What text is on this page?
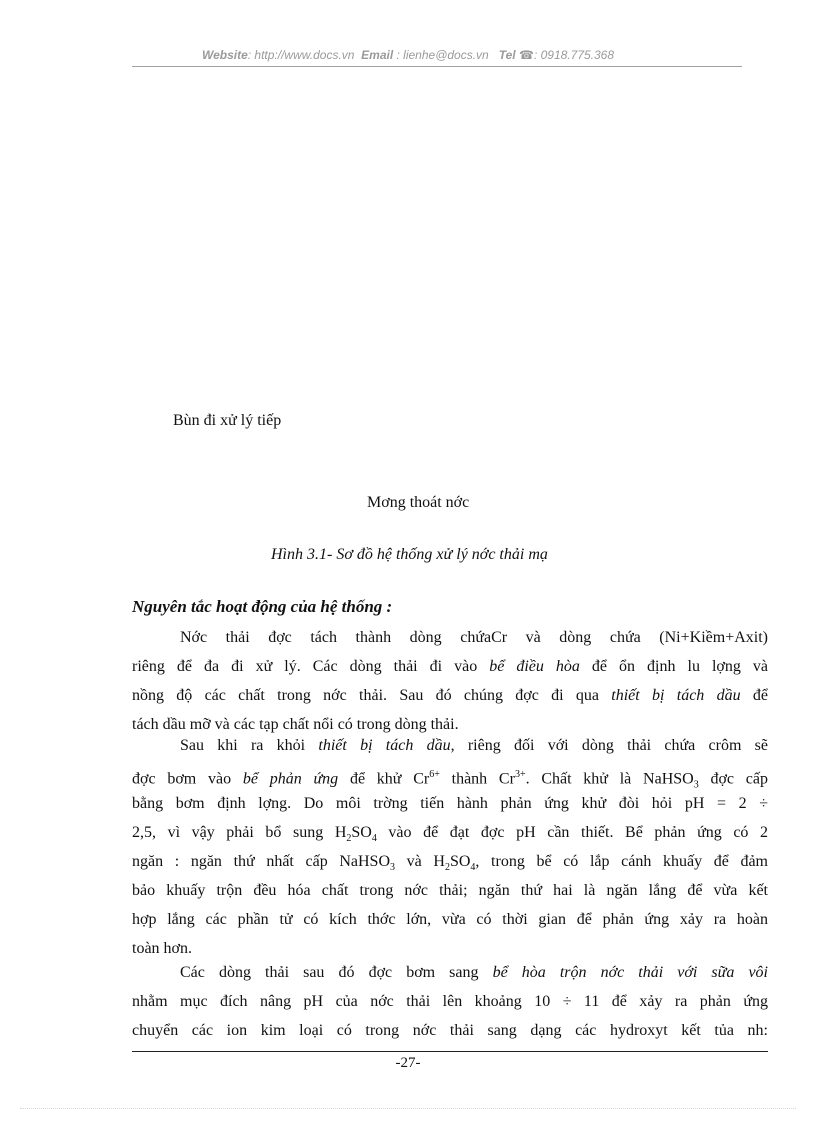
Website: http://www.docs.vn Email : lienhe@docs.vn Tel ☎: 0918.775.368
Bùn đi xử lý tiếp
Mơng thoát nớc
Hình 3.1- Sơ đồ hệ thống xử lý nớc thải mạ
Nguyên tắc hoạt động của hệ thống :
Nớc thải đợc tách thành dòng chứaCr và dòng chứa (Ni+Kiềm+Axit)
riêng để đa đi xử lý. Các dòng thải đi vào bể điều hòa để ổn định lu lợng và
nồng độ các chất trong nớc thải. Sau đó chúng đợc đi qua thiết bị tách dầu để
tách dầu mỡ và các tạp chất nổi có trong dòng thải.
Sau khi ra khỏi thiết bị tách dầu, riêng đối với dòng thải chứa crôm sẽ
đợc bơm vào bể phản ứng để khử $Cr^{6+}$ thành $Cr^{3+}$. Chất khử là NaHSO$_3$ đợc cấp
bằng bơm định lợng. Do môi trờng tiến hành phản ứng khử đòi hỏi pH = 2 ÷
2,5, vì vậy phải bổ sung $H_2SO_4$ vào để đạt đợc pH cần thiết. Bể phản ứng có 2
ngăn : ngăn thứ nhất cấp NaHSO$_3$ và $H_2SO_4$, trong bể có lắp cánh khuấy để đảm
bảo khuấy trộn đều hóa chất trong nớc thải; ngăn thứ hai là ngăn lắng để vừa kết
hợp lắng các phần tử có kích thớc lớn, vừa có thời gian để phản ứng xảy ra hoàn
toàn hơn.
Các dòng thải sau đó đợc bơm sang bể hòa trộn nớc thải với sữa vôi
nhằm mục đích nâng pH của nớc thải lên khoảng 10 ÷ 11 để xảy ra phản ứng
chuyển các ion kim loại có trong nớc thải sang dạng các hydroxyt kết tủa nh:
-27-
